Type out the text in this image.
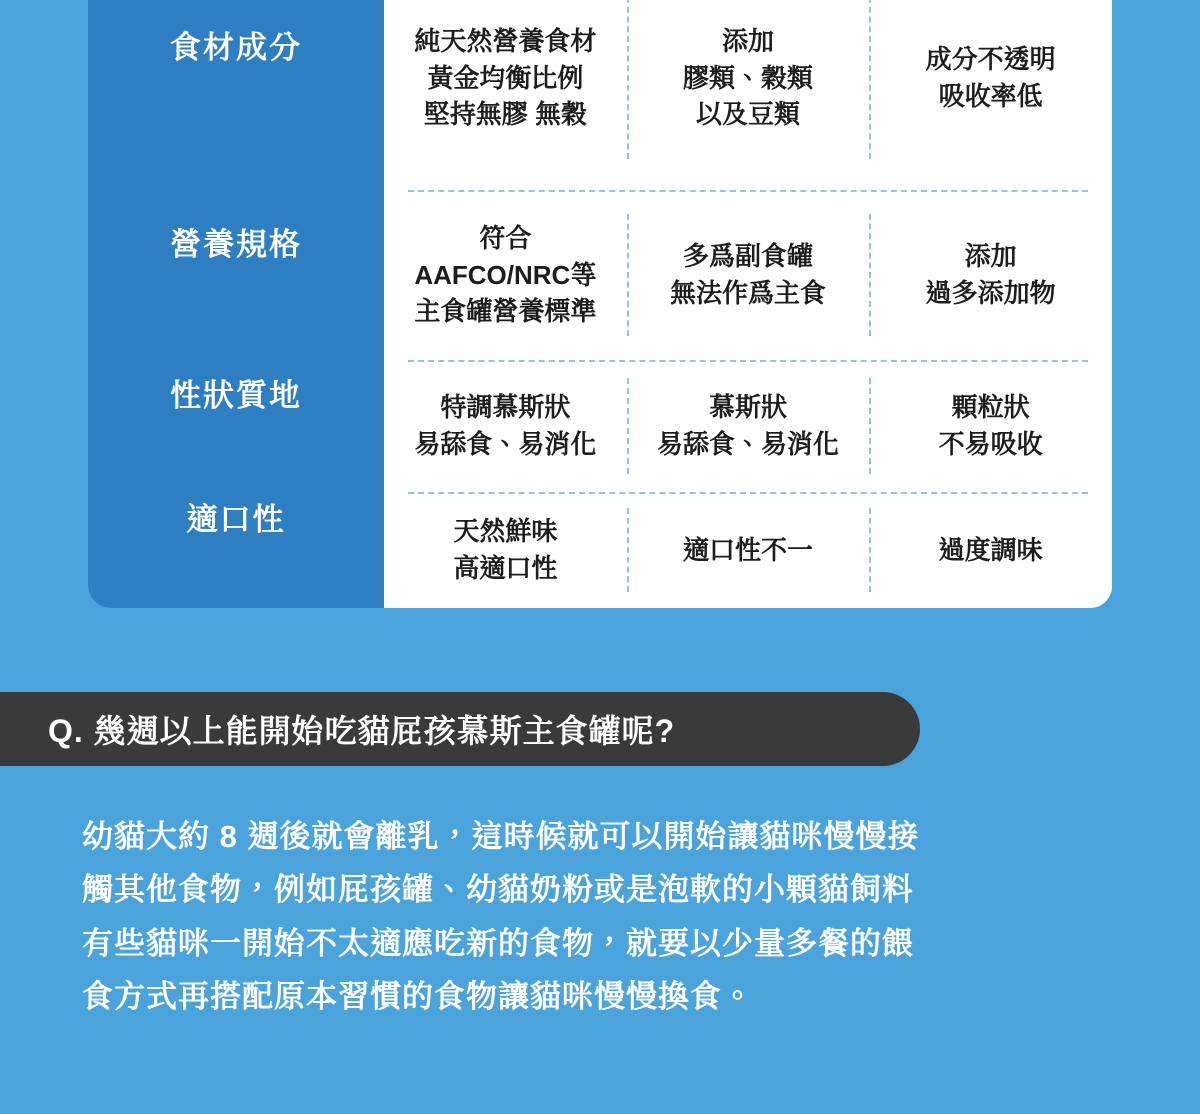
純天然營養食材
黃金均衡比例
堅持無膠 無穀
添加
膠類、穀類
以及豆類
成分不透明
吸收率低
符合
AAFCO/NRC等
主食罐營養標準
多爲副食罐
無法作爲主食
添加
過多添加物
特調慕斯狀
易舔食、易消化
慕斯狀
易舔食、易消化
顆粒狀
不易吸收
天然鮮味
高適口性
適口性不一	過度調味
食材成分
營養規格
性狀質地
適口性
Q. 幾週以上能開始吃貓屁孩慕斯主食罐呢?

幼貓大約 8 週後就會離乳，這時候就可以開始讓貓咪慢慢接

觸其他食物，例如屁孩罐、幼貓奶粉或是泡軟的小顆貓飼料

有些貓咪一開始不太適應吃新的食物，就要以少量多餐的餵

食方式再搭配原本習慣的食物讓貓咪慢慢換食。
